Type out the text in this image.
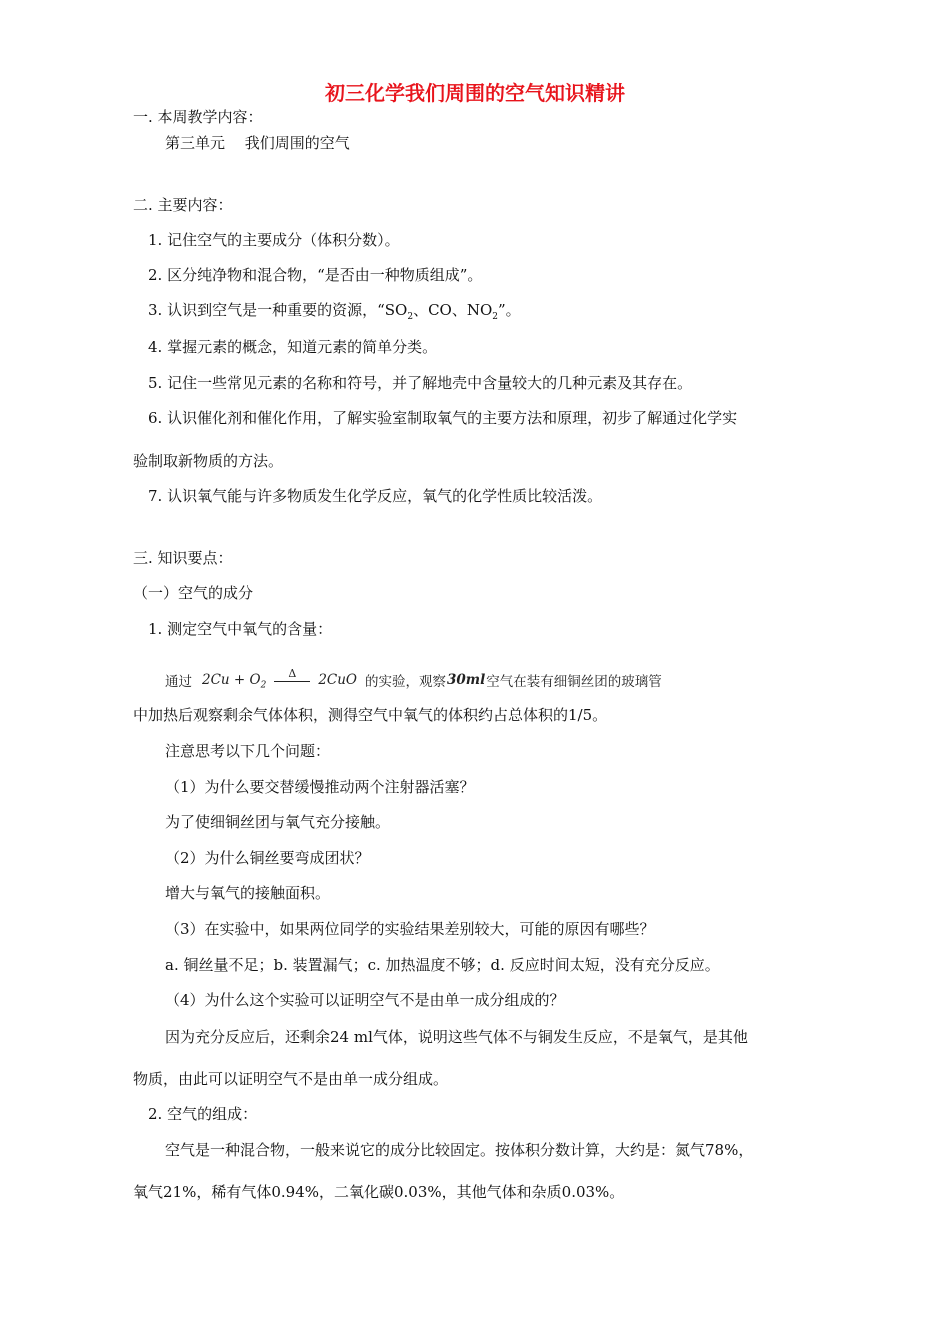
初三化学我们周围的空气知识精讲
一. 本周教学内容：
第三单元　 我们周围的空气
二. 主要内容：
1. 记住空气的主要成分（体积分数）。
2. 区分纯净物和混合物，“是否由一种物质组成”。
3. 认识到空气是一种重要的资源，“$SO_2$、CO、$NO_2$”。
4. 掌握元素的概念，知道元素的简单分类。
5. 记住一些常见元素的名称和符号，并了解地壳中含量较大的几种元素及其存在。
6. 认识催化剂和催化作用，了解实验室制取氧气的主要方法和原理，初步了解通过化学实
验制取新物质的方法。
7. 认识氧气能与许多物质发生化学反应，氧气的化学性质比较活泼。
三. 知识要点：
（一）空气的成分
1. 测定空气中氧气的含量：
通过 $2Cu + O_2$
Δ 2CuO 的实验，观察 30ml 空气在装有细铜丝团的玻璃管
中加热后观察剩余气体体积，测得空气中氧气的体积约占总体积的1/5。
注意思考以下几个问题：
（1）为什么要交替缓慢推动两个注射器活塞？
为了使细铜丝团与氧气充分接触。
（2）为什么铜丝要弯成团状？
增大与氧气的接触面积。
（3）在实验中，如果两位同学的实验结果差别较大，可能的原因有哪些？
a. 铜丝量不足；b. 装置漏气；c. 加热温度不够；d. 反应时间太短，没有充分反应。
（4）为什么这个实验可以证明空气不是由单一成分组成的？
因为充分反应后，还剩余24 ml气体，说明这些气体不与铜发生反应，不是氧气，是其他
物质，由此可以证明空气不是由单一成分组成。
2. 空气的组成：
空气是一种混合物，一般来说它的成分比较固定。按体积分数计算，大约是：氮气78%，
氧气21%，稀有气体0.94%，二氧化碳0.03%，其他气体和杂质0.03%。
